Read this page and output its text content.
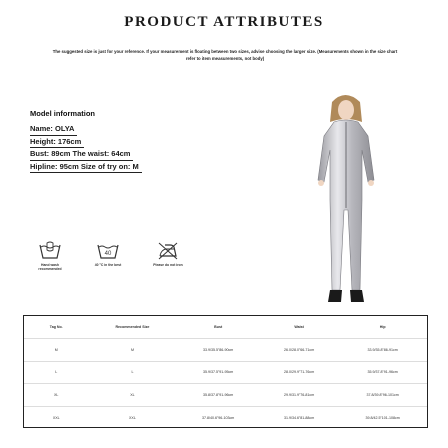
PRODUCT ATTRIBUTES
The suggested size is just for your reference. If your measurement is floating between two sizes, advise choosing the larger size. (Measurements shown in the size chart refer to item measurements, not body)
Model information
Name: OLYA
Height: 176cm
Bust: 89cm The waist: 64cm
Hipline: 95cm Size of try on: M
Hand wash recommended
40
40 °C in the best	Please do not iron
Tag No.	Recommended Size	Bust	Waist	Hip
M	M	33.9/35.5"86-90cm	26.0/28.0"66-71cm	33.9/35.8"86-91cm
L	L	35.9/37.5"91-95cm	28.0/29.9"71-76cm	35.9/37.8"91-96cm
XL	XL	35.8/37.8"91-96cm	29.9/31.9"76-81cm	37.8/39.8"96-101cm
XXL	XXL	37.8/40.6"96-103cm	31.9/34.6"81-88cm	39.8/42.5"101-108cm
